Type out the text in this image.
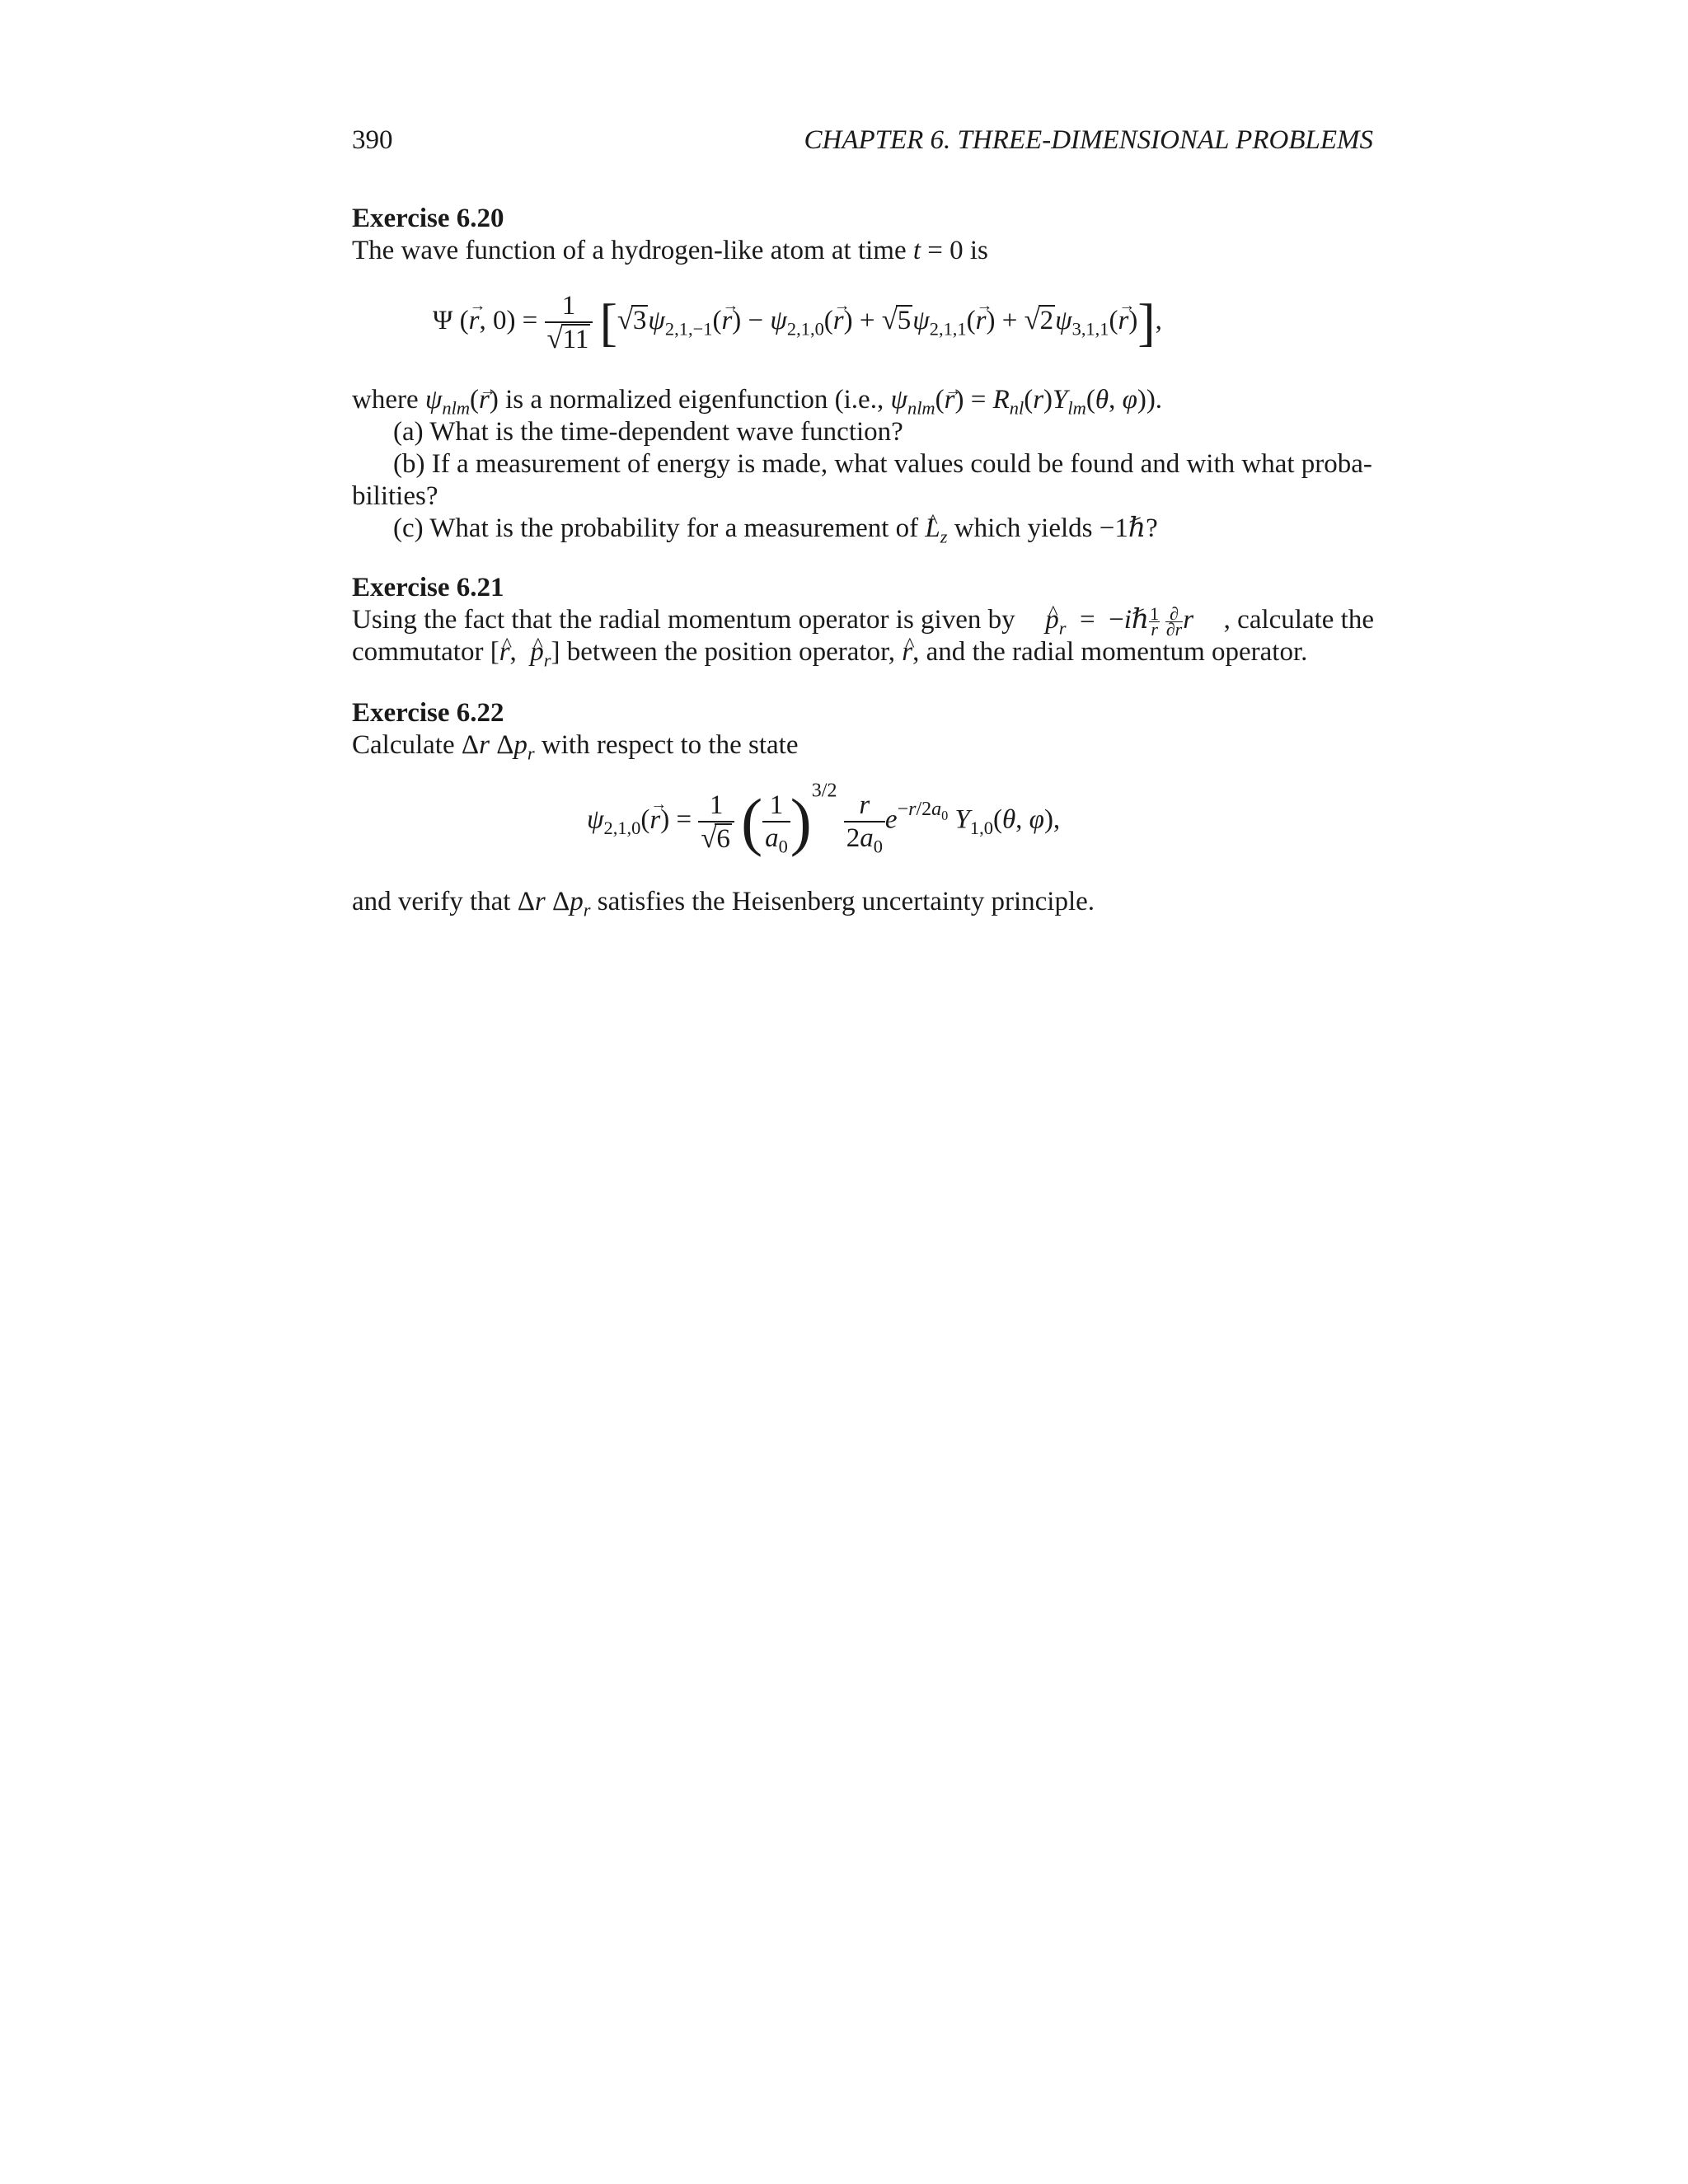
390	CHAPTER 6. THREE-DIMENSIONAL PROBLEMS
Exercise 6.20
The wave function of a hydrogen-like atom at time t = 0 is
Ψ (→ r, $0) = \frac{1}{√11} [√3\psi_{2,1,-1}(\to r) - \psi_{2,1,0}(\to r) + √5\psi_{2,1,1}(\to r) + √2\psi_{3,1,1}(\to r)]$,
where $\psi_{nlm}(\to r)$ is a normalized eigenfunction (i.e., $\psi_{nlm}(\to r) = R_{nl}(r)Y_{lm}(\theta$, φ)).
(a) What is the time-dependent wave function?
(b) If a measurement of energy is made, what values could be found and with what proba-
bilities?
(c) What is the probability for a measurement of ^ $L_z$ which yields −1ℏ?
Exercise 6.21
Using the fact that the radial momentum operator is given by
^ $p_r$  =  −iℏ $\frac{1}{r}$
  $\frac{\partial}{\partial r}$ r , calculate the
commutator [^ r,  ^ $p_r$] between the position operator, ^ r, and the radial momentum operator.
Exercise 6.22
Calculate Δr $\Delta p_r$ with respect to the state
$\psi_{2,1,0}(\to r) = \frac{1}{√6}$ ( $\frac{1}{a_0} )^{3/2} \frac{r}{2a_0} e^{-r/2a_0}$ $Y_{1,0}(\theta$, φ),
and verify that Δr $\Delta p_r$ satisfies the Heisenberg uncertainty principle.
